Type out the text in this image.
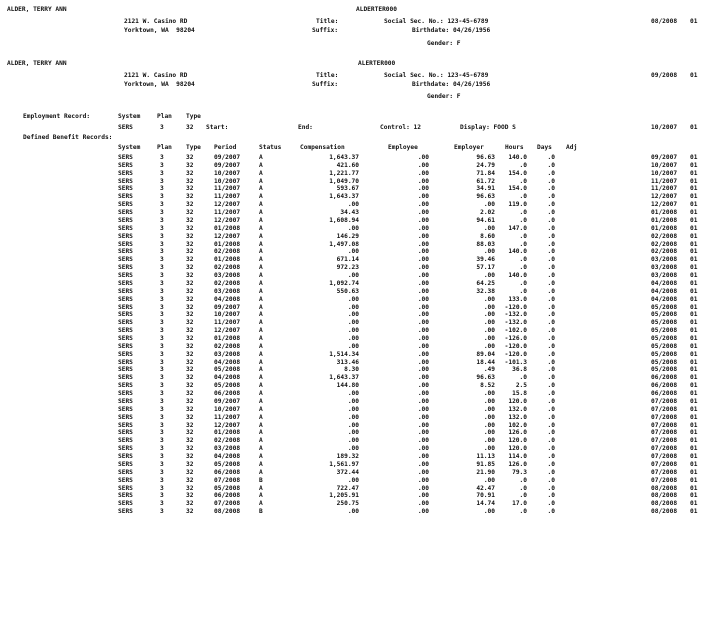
ALDER, TERRY ANN	ALDERTER000
2121 W. Casino RD
Yorktown, WA  98204
Title:
Suffix:
Social Sec. No.: 123-45-6789
Birthdate: 04/26/1956
Gender: F
08/2008 01
ALDER, TERRY ANN	ALERTER000
2121 W. Casino RD
Yorktown, WA  98204
Title:
Suffix:
Social Sec. No.: 123-45-6789
Birthdate: 04/26/1956
Gender: F
09/2008 01
Employment Record:	System	Plan Type
SERS	3	32 Start:	End:	Control: 12	Display: FOOD S	10/2007 01
Defined Benefit Records:
System	Plan Type Period	Status	Compensation	Employee	Employer	Hours Days Adj
SERS	3	32	09/2007	A	1,643.37	.00	96.63	140.0	.0	09/2007 01
SERS	3	32	09/2007	A	421.60	.00	24.79	.0	.0	10/2007 01
SERS	3	32	10/2007	A	1,221.77	.00	71.84	154.0	.0	10/2007 01
SERS	3	32	10/2007	A	1,049.70	.00	61.72	.0	.0	11/2007 01
SERS	3	32	11/2007	A	593.67	.00	34.91	154.0	.0	11/2007 01
SERS	3	32	11/2007	A	1,643.37	.00	96.63	.0	.0	12/2007 01
SERS	3	32	12/2007	A	.00	.00	.00	119.0	.0	12/2007 01
SERS	3	32	11/2007	A	34.43	.00	2.02	.0	.0	01/2008 01
SERS	3	32	12/2007	A	1,608.94	.00	94.61	.0	.0	01/2008 01
SERS	3	32	01/2008	A	.00	.00	.00	147.0	.0	01/2008 01
SERS	3	32	12/2007	A	146.29	.00	8.60	.0	.0	02/2008 01
SERS	3	32	01/2008	A	1,497.08	.00	88.03	.0	.0	02/2008 01
SERS	3	32	02/2008	A	.00	.00	.00	140.0	.0	02/2008 01
SERS	3	32	01/2008	A	671.14	.00	39.46	.0	.0	03/2008 01
SERS	3	32	02/2008	A	972.23	.00	57.17	.0	.0	03/2008 01
SERS	3	32	03/2008	A	.00	.00	.00	140.0	.0	03/2008 01
SERS	3	32	02/2008	A	1,092.74	.00	64.25	.0	.0	04/2008 01
SERS	3	32	03/2008	A	550.63	.00	32.38	.0	.0	04/2008 01
SERS	3	32	04/2008	A	.00	.00	.00	133.0	.0	04/2008 01
SERS	3	32	09/2007	A	.00	.00	.00	-120.0	.0	05/2008 01
SERS	3	32	10/2007	A	.00	.00	.00	-132.0	.0	05/2008 01
SERS	3	32	11/2007	A	.00	.00	.00	-132.0	.0	05/2008 01
SERS	3	32	12/2007	A	.00	.00	.00	-102.0	.0	05/2008 01
SERS	3	32	01/2008	A	.00	.00	.00	-126.0	.0	05/2008 01
SERS	3	32	02/2008	A	.00	.00	.00	-120.0	.0	05/2008 01
SERS	3	32	03/2008	A	1,514.34	.00	89.04	-120.0	.0	05/2008 01
SERS	3	32	04/2008	A	313.46	.00	18.44	-101.3	.0	05/2008 01
SERS	3	32	05/2008	A	8.30	.00	.49	36.8	.0	05/2008 01
SERS	3	32	04/2008	A	1,643.37	.00	96.63	.0	.0	06/2008 01
SERS	3	32	05/2008	A	144.80	.00	8.52	2.5	.0	06/2008 01
SERS	3	32	06/2008	A	.00	.00	.00	15.8	.0	06/2008 01
SERS	3	32	09/2007	A	.00	.00	.00	120.0	.0	07/2008 01
SERS	3	32	10/2007	A	.00	.00	.00	132.0	.0	07/2008 01
SERS	3	32	11/2007	A	.00	.00	.00	132.0	.0	07/2008 01
SERS	3	32	12/2007	A	.00	.00	.00	102.0	.0	07/2008 01
SERS	3	32	01/2008	A	.00	.00	.00	126.0	.0	07/2008 01
SERS	3	32	02/2008	A	.00	.00	.00	120.0	.0	07/2008 01
SERS	3	32	03/2008	A	.00	.00	.00	120.0	.0	07/2008 01
SERS	3	32	04/2008	A	189.32	.00	11.13	114.0	.0	07/2008 01
SERS	3	32	05/2008	A	1,561.97	.00	91.85	126.0	.0	07/2008 01
SERS	3	32	06/2008	A	372.44	.00	21.90	79.3	.0	07/2008 01
SERS	3	32	07/2008	B	.00	.00	.00	.0	.0	07/2008 01
SERS	3	32	05/2008	A	722.47	.00	42.47	.0	.0	08/2008 01
SERS	3	32	06/2008	A	1,205.91	.00	70.91	.0	.0	08/2008 01
SERS	3	32	07/2008	A	250.75	.00	14.74	17.0	.0	08/2008 01
SERS	3	32	08/2008	B	.00	.00	.00	.0	.0	08/2008 01
